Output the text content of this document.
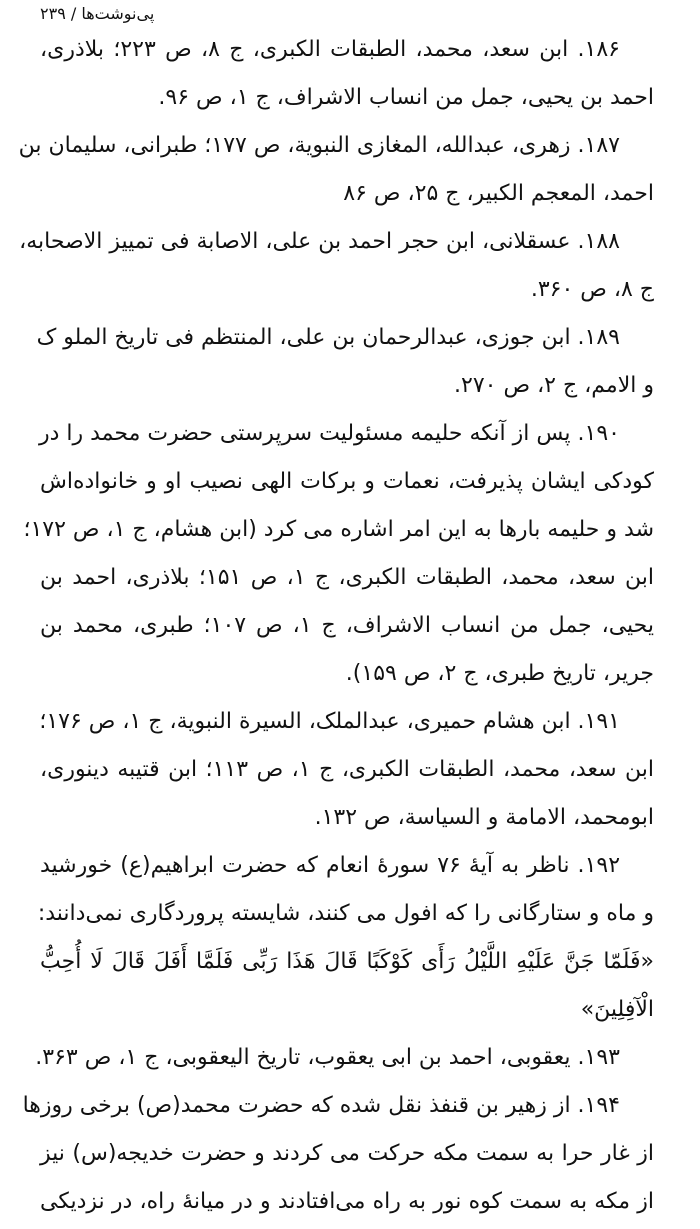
پی‌نوشت‌ها / ۲۳۹
۱۸۶. ابن سعد، محمد، الطبقات الکبری، ج ۸، ص ۲۲۳؛ بلاذری،
احمد بن یحیی، جمل من انساب الاشراف، ج ۱، ص ۹۶.
۱۸۷. زهری، عبدالله، المغازی النبویة، ص ۱۷۷؛ طبرانی، سلیمان بن
احمد، المعجم الکبیر، ج ۲۵، ص ۸۶
۱۸۸. عسقلانی، ابن حجر احمد بن علی، الاصابة فی تمییز الاصحابه،
ج ۸، ص ۳۶۰.
۱۸۹. ابن جوزی، عبدالرحمان بن علی، المنتظم فی تاریخ الملو ک
و الامم، ج ۲، ص ۲۷۰.
۱۹۰. پس از آنکه حلیمه مسئولیت سرپرستی حضرت محمد را در
کودکی ایشان پذیرفت، نعمات و برکات الهی نصیب او و خانواده‌اش
شد و حلیمه بارها به این امر اشاره می کرد (ابن هشام، ج ۱، ص ۱۷۲؛
ابن سعد، محمد، الطبقات الکبری، ج ۱، ص ۱۵۱؛ بلاذری، احمد بن
یحیی، جمل من انساب الاشراف، ج ۱، ص ۱۰۷؛ طبری، محمد بن
جریر، تاریخ طبری، ج ۲، ص ۱۵۹).
۱۹۱. ابن هشام حمیری، عبدالملک، السیرة النبویة، ج ۱، ص ۱۷۶؛
ابن سعد، محمد، الطبقات الکبری، ج ۱، ص ۱۱۳؛ ابن قتیبه دینوری،
ابومحمد، الامامة و السیاسة، ص ۱۳۲.
۱۹۲. ناظر به آیهٔ ۷۶ سورهٔ انعام که حضرت ابراهیم(ع) خورشید
و ماه و ستارگانی را که افول می کنند، شایسته پروردگاری نمی‌دانند:
«فَلَمّا جَنَّ عَلَیْهِ اللَّیْلُ رَأَى کَوْکَبًا قَالَ هَذَا رَبِّی فَلَمَّا أَفَلَ قَالَ لَا أُحِبُّ
الْآفِلِینَ»
۱۹۳. یعقوبی، احمد بن ابی یعقوب، تاریخ الیعقوبی، ج ۱، ص ۳۶۳.
۱۹۴. از زهیر بن قنفذ نقل شده که حضرت محمد(ص) برخی روزها
از غار حرا به سمت مکه حرکت می کردند و حضرت خدیجه(س) نیز
از مکه به سمت کوه نور به راه می‌افتادند و در میانهٔ راه، در نزدیکی
